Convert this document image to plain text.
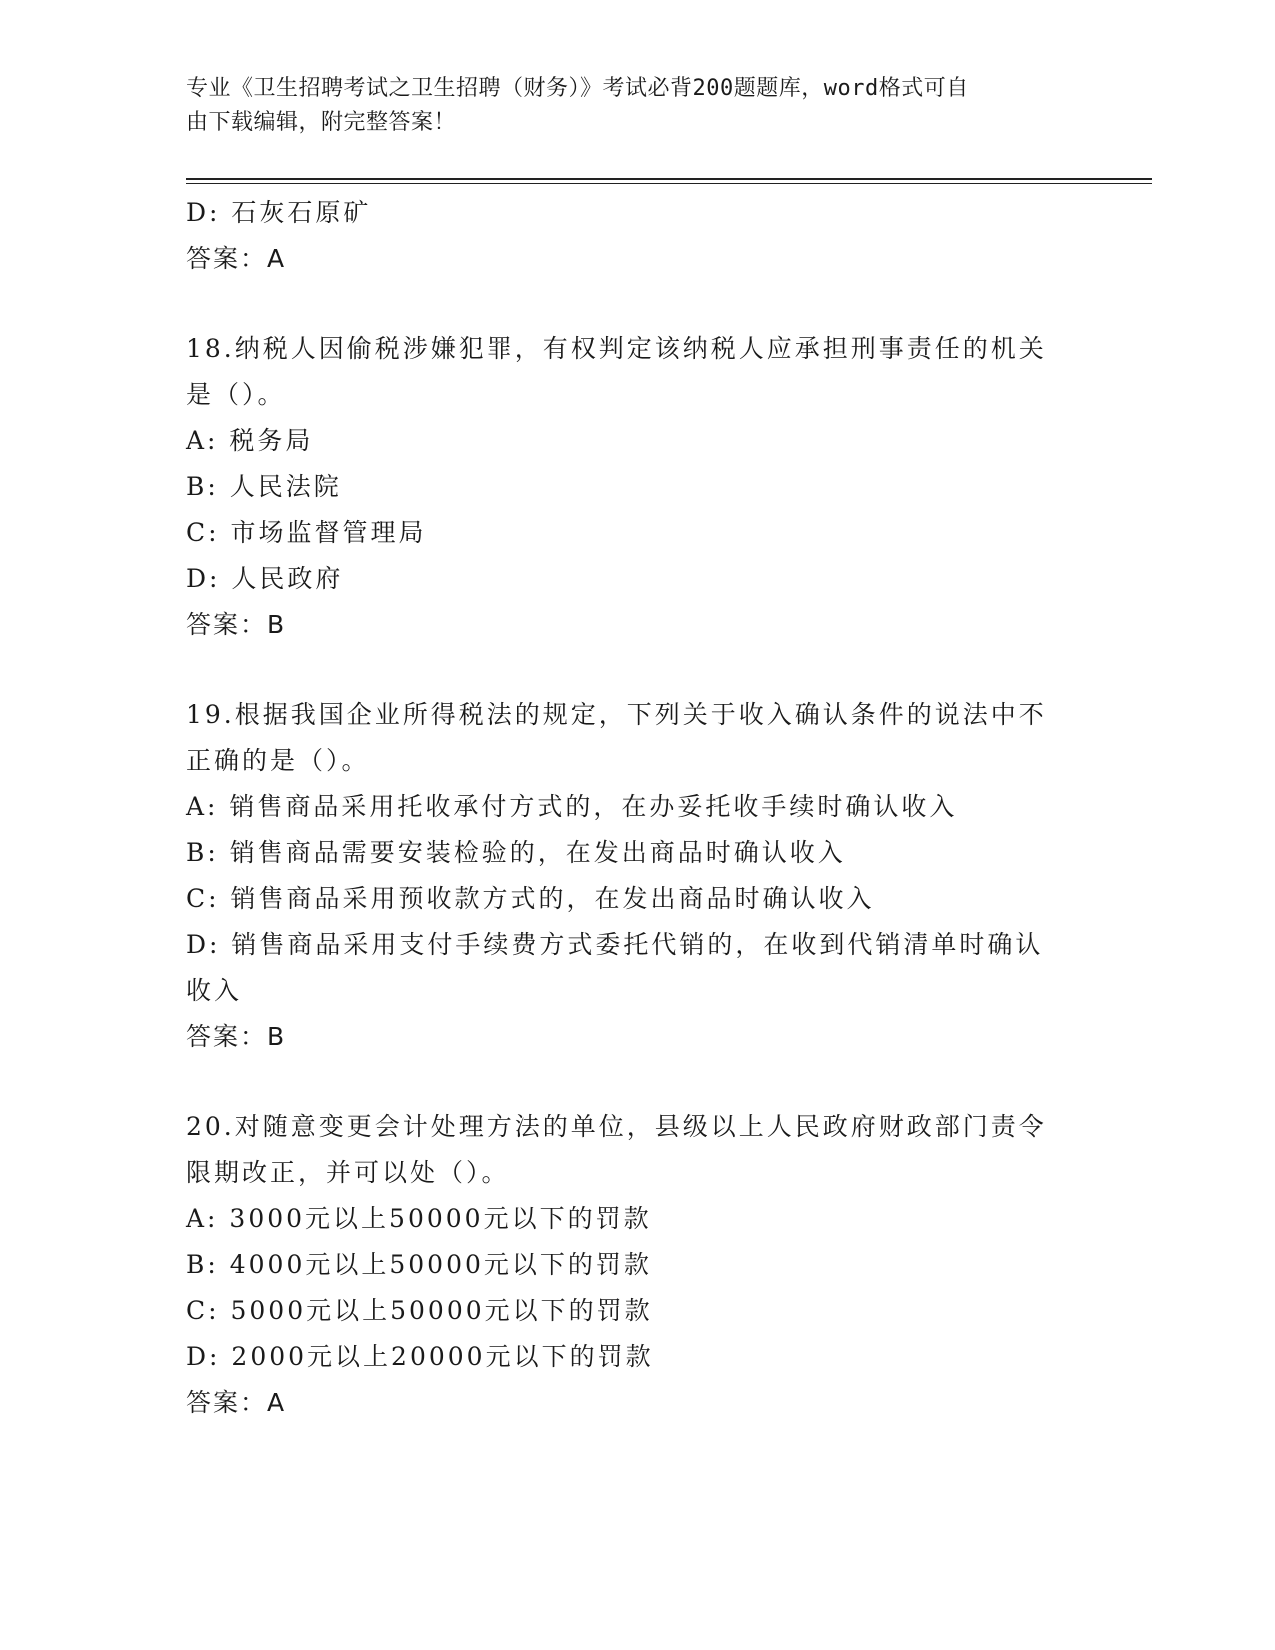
专业《卫生招聘考试之卫生招聘（财务）》考试必背200题题库，word格式可自
由下载编辑，附完整答案！
D: 石灰石原矿
答案：A
18.纳税人因偷税涉嫌犯罪，有权判定该纳税人应承担刑事责任的机关
是（）。
A: 税务局
B: 人民法院
C: 市场监督管理局
D: 人民政府
答案：B
19.根据我国企业所得税法的规定，下列关于收入确认条件的说法中不
正确的是（）。
A: 销售商品采用托收承付方式的，在办妥托收手续时确认收入
B: 销售商品需要安装检验的，在发出商品时确认收入
C: 销售商品采用预收款方式的，在发出商品时确认收入
D: 销售商品采用支付手续费方式委托代销的，在收到代销清单时确认
收入
答案：B
20.对随意变更会计处理方法的单位，县级以上人民政府财政部门责令
限期改正，并可以处（）。
A: 3000元以上50000元以下的罚款
B: 4000元以上50000元以下的罚款
C: 5000元以上50000元以下的罚款
D: 2000元以上20000元以下的罚款
答案：A
